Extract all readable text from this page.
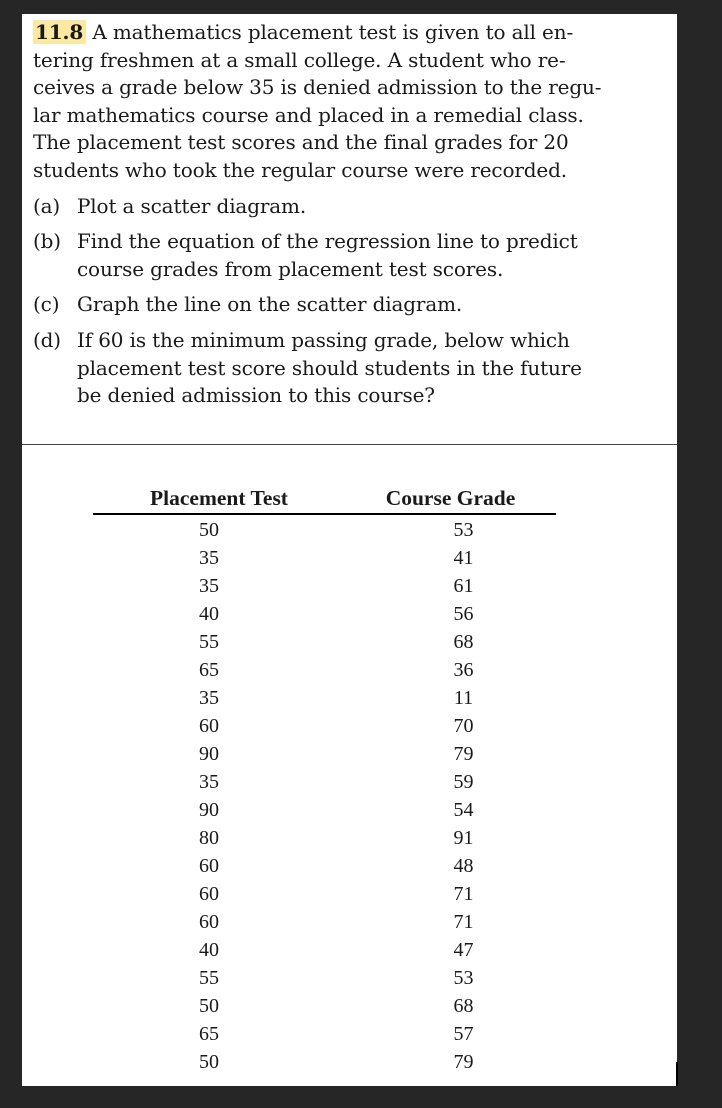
11.8 A mathematics placement test is given to all en-
tering freshmen at a small college. A student who re-
ceives a grade below 35 is denied admission to the regu-
lar mathematics course and placed in a remedial class.
The placement test scores and the final grades for 20
students who took the regular course were recorded.
(a) Plot a scatter diagram.
(b) Find the equation of the regression line to predict
course grades from placement test scores.
(c) Graph the line on the scatter diagram.
(d) If 60 is the minimum passing grade, below which
placement test score should students in the future
be denied admission to this course?
Placement Test	Course Grade
50	53
35	41
35	61
40	56
55	68
65	36
35	11
60	70
90	79
35	59
90	54
80	91
60	48
60	71
60	71
40	47
55	53
50	68
65	57
50	79
